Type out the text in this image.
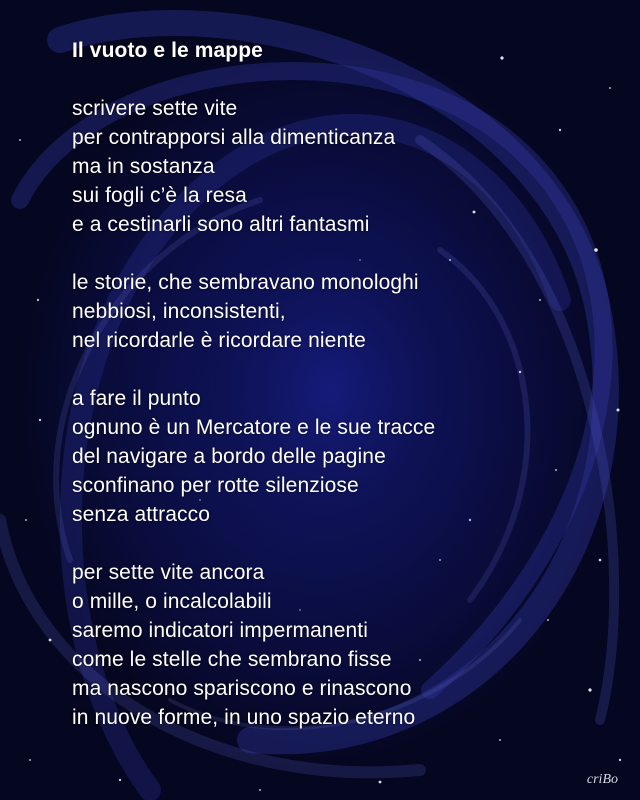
Il vuoto e le mappe
scrivere sette vite
per contrapporsi alla dimenticanza
ma in sostanza
sui fogli c’è la resa
e a cestinarli sono altri fantasmi
le storie, che sembravano monologhi
nebbiosi, inconsistenti,
nel ricordarle è ricordare niente
a fare il punto
ognuno è un Mercatore e le sue tracce
del navigare a bordo delle pagine
sconfinano per rotte silenziose
senza attracco
per sette vite ancora
o mille, o incalcolabili
saremo indicatori impermanenti
come le stelle che sembrano fisse
ma nascono spariscono e rinascono
in nuove forme, in uno spazio eterno
criBo
